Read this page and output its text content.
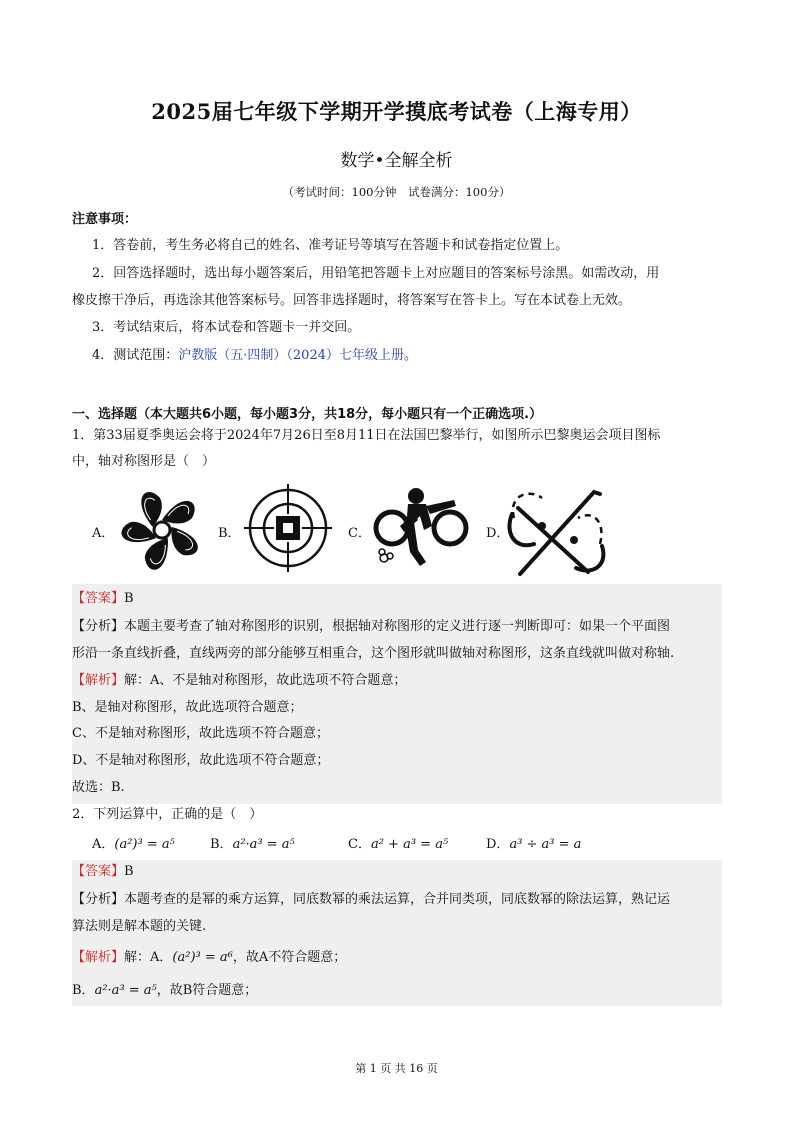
2025届七年级下学期开学摸底考试卷（上海专用）
数学•全解全析
（考试时间：100分钟　试卷满分：100分）
注意事项：
1．答卷前，考生务必将自己的姓名、准考证号等填写在答题卡和试卷指定位置上。
2．回答选择题时，选出每小题答案后，用铅笔把答题卡上对应题目的答案标号涂黑。如需改动，用
橡皮擦干净后，再选涂其他答案标号。回答非选择题时，将答案写在答卡上。写在本试卷上无效。
3．考试结束后，将本试卷和答题卡一并交回。
4．测试范围：沪教版（五·四制）（2024）七年级上册。
一、选择题（本大题共6小题，每小题3分，共18分，每小题只有一个正确选项.）
1．第33届夏季奥运会将于2024年7月26日至8月11日在法国巴黎举行，如图所示巴黎奥运会项目图标
中，轴对称图形是（　）
A．	B．	C．	D．
【答案】B
【分析】本题主要考查了轴对称图形的识别，根据轴对称图形的定义进行逐一判断即可：如果一个平面图
形沿一条直线折叠，直线两旁的部分能够互相重合，这个图形就叫做轴对称图形，这条直线就叫做对称轴.
【解析】解：A、不是轴对称图形，故此选项不符合题意；
B、是轴对称图形，故此选项符合题意；
C、不是轴对称图形，故此选项不符合题意；
D、不是轴对称图形，故此选项不符合题意；
故选：B.
2．下列运算中，正确的是（　）
A．(a²)³ = a⁵	B．a²·a³ = a⁵	C．a² + a³ = a⁵	D．a³ ÷ a³ = a
【答案】B
【分析】本题考查的是幂的乘方运算，同底数幂的乘法运算，合并同类项，同底数幂的除法运算，熟记运
算法则是解本题的关键.
【解析】解：A．(a²)³ = a⁶，故A不符合题意；
B．a²·a³ = a⁵，故B符合题意；
第 1 页 共 16 页
